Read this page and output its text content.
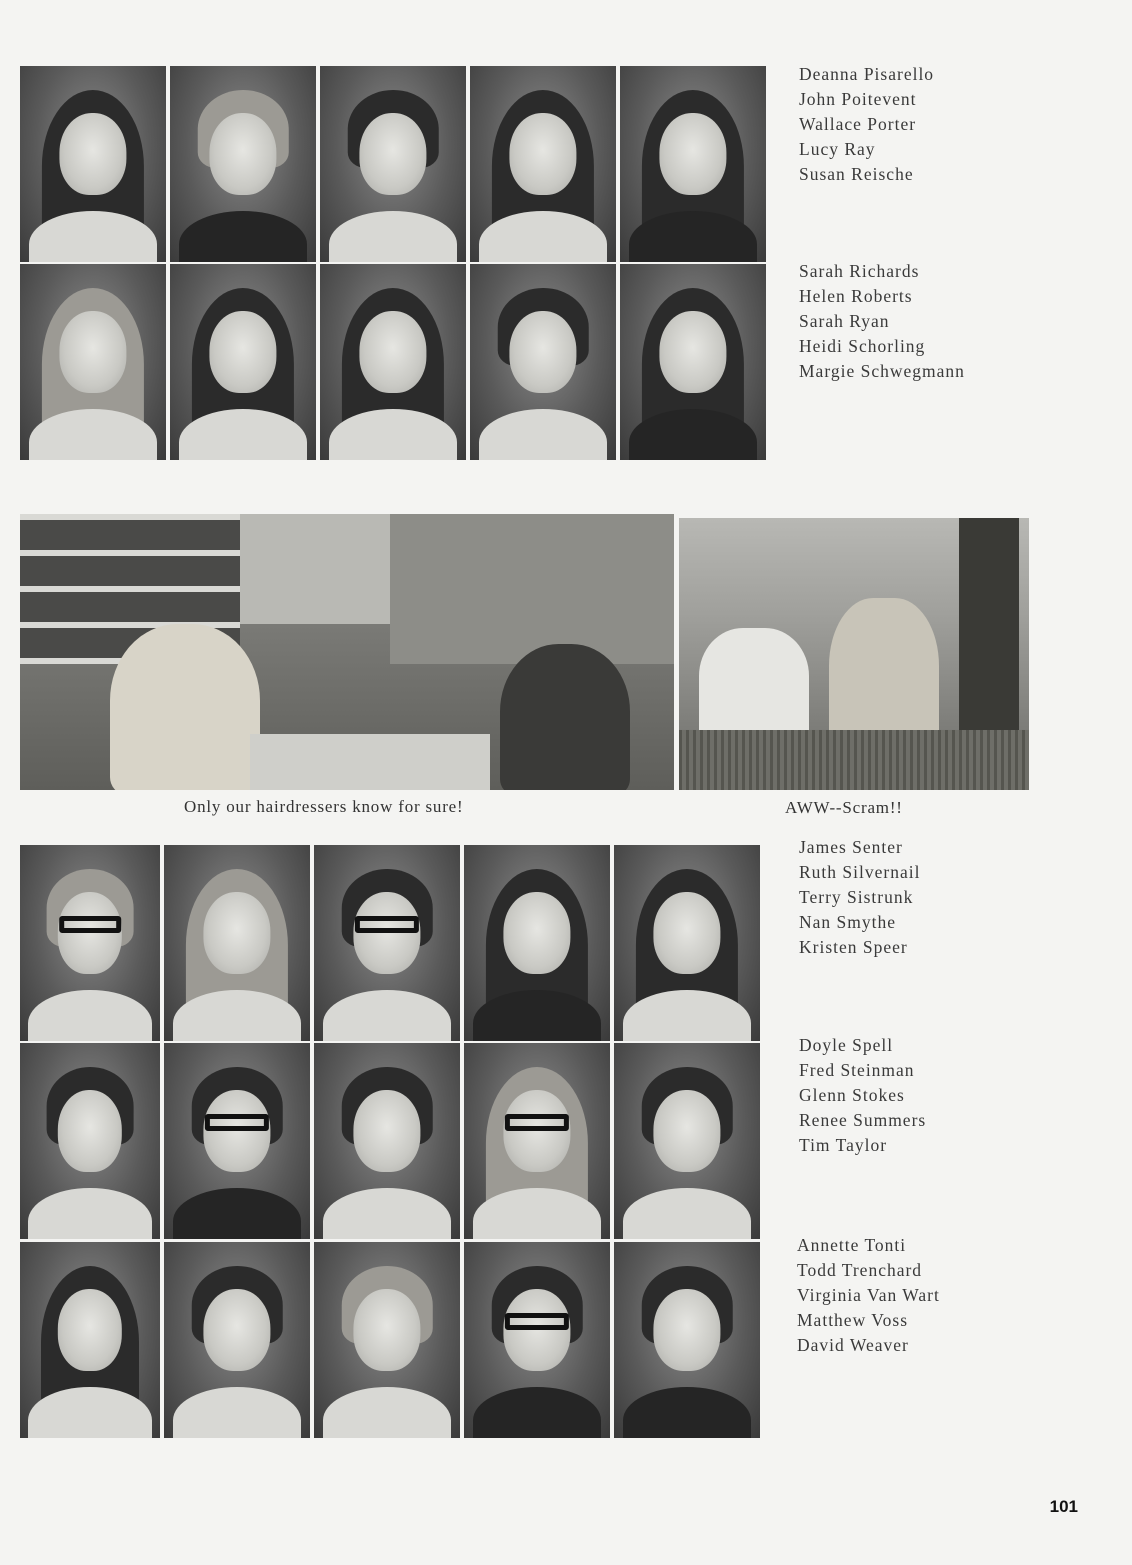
Deanna Pisarello
John Poitevent
Wallace Porter
Lucy Ray
Susan Reische
Sarah Richards
Helen Roberts
Sarah Ryan
Heidi Schorling
Margie Schwegmann
Only our hairdressers know for sure!	AWW--Scram!!
James Senter
Ruth Silvernail
Terry Sistrunk
Nan Smythe
Kristen Speer
Doyle Spell
Fred Steinman
Glenn Stokes
Renee Summers
Tim Taylor
Annette Tonti
Todd Trenchard
Virginia Van Wart
Matthew Voss
David Weaver
101
